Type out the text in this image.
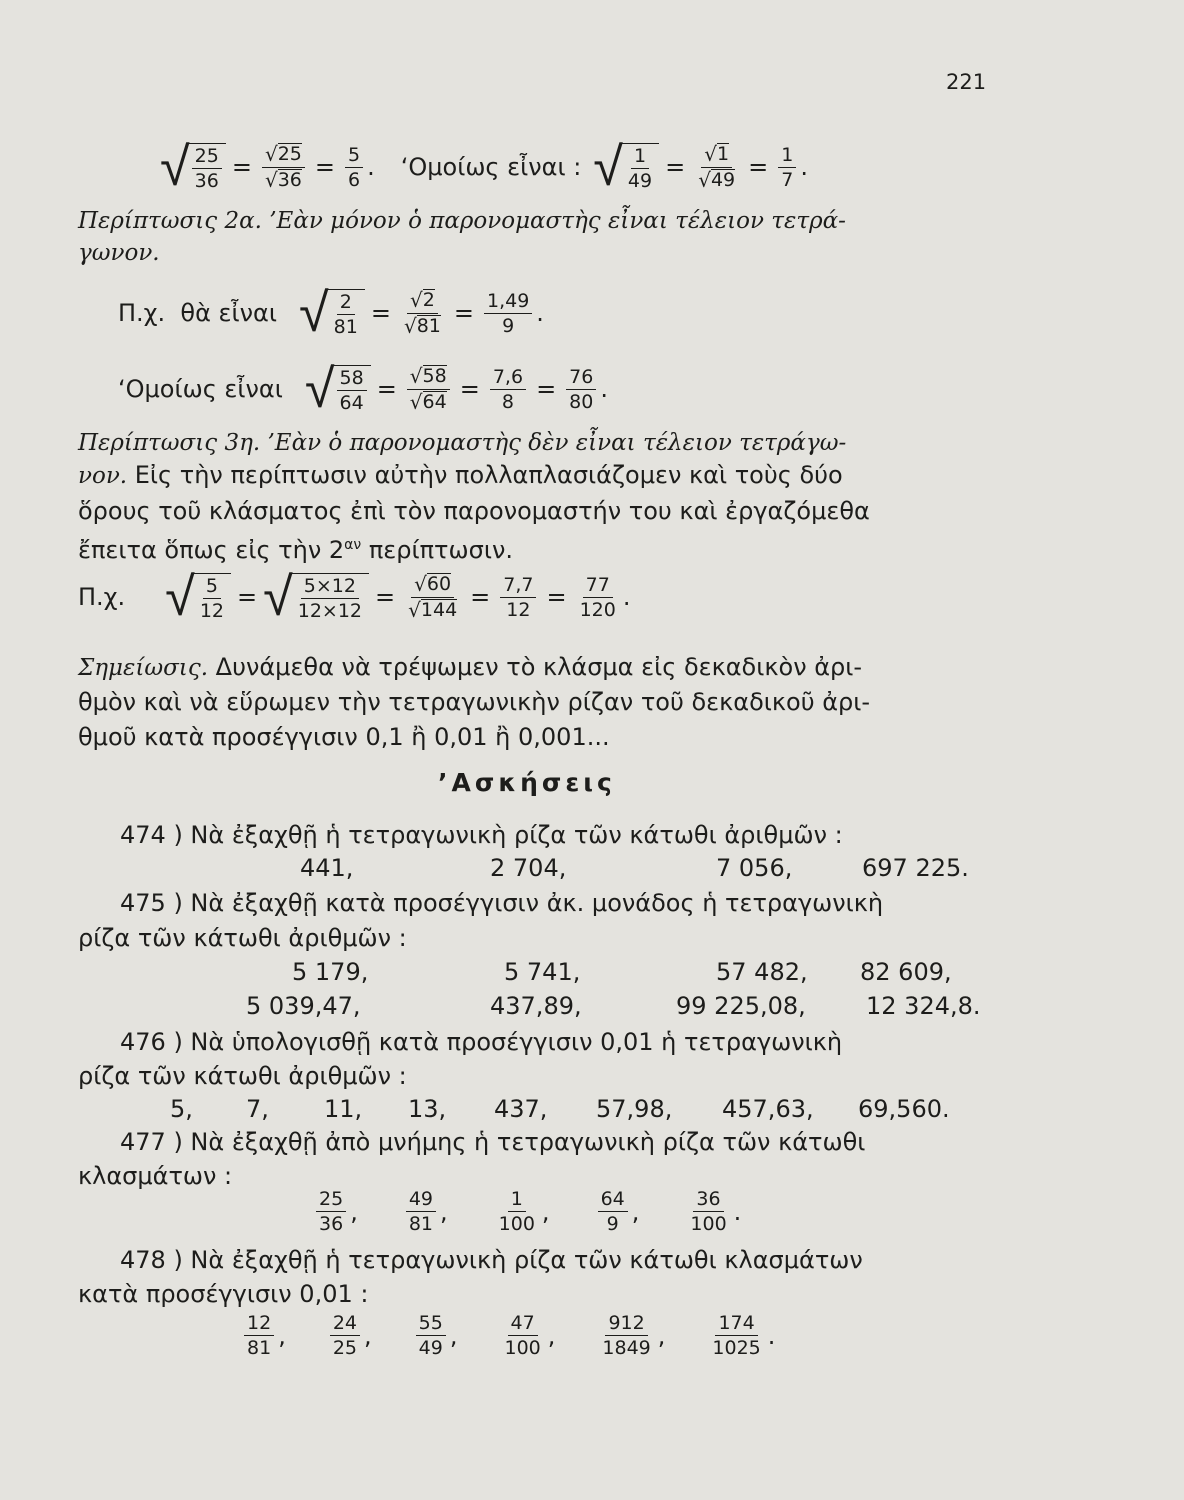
221
√ 25
$36 = \frac{√ 25}{√ 36} = \frac{5}{6}$ . ‘Ομοίως εἶναι : √ 1
$49 = \frac{√ 1}{√ 49} = \frac{1}{7}$ .
Περίπτωσις 2α. ’Εὰν μόνον ὁ παρονομαστὴς εἶναι τέλειον τετρά-
γωνον.
Π.χ.  θὰ εἶναι √ 2
$81 = \frac{√ 2}{√ 81} = \frac{1,49}{9}$ .
‘Ομοίως εἶναι √ 58
$64 = \frac{√ 58}{√ 64} = \frac{7,6}{8} = \frac{76}{80}$ .
Περίπτωσις 3η. ’Εὰν ὁ παρονομαστὴς δὲν εἶναι τέλειον τετράγω-
νον. Εἰς τὴν περίπτωσιν αὐτὴν πολλαπλασιάζομεν καὶ τοὺς δύο
ὅρους τοῦ κλάσματος ἐπὶ τὸν παρονομαστήν του καὶ ἐργαζόμεθα
ἔπειτα ὅπως εἰς τὴν $2^{\alpha\nu}$ περίπτωσιν.
Π.χ. √ 5
12 = √ 5×12
$12\times 12 = \frac{√ 60}{√ 144} = \frac{7,7}{12} = \frac{77}{120}$ .
Σημείωσις. Δυνάμεθα νὰ τρέψωμεν τὸ κλάσμα εἰς δεκαδικὸν ἀρι-
θμὸν καὶ νὰ εὕρωμεν τὴν τετραγωνικὴν ρίζαν τοῦ δεκαδικοῦ ἀρι-
θμοῦ κατὰ προσέγγισιν 0,1 ἢ 0,01 ἢ 0,001...
’Ασκήσεις
474 ) Νὰ ἐξαχθῇ ἡ τετραγωνικὴ ρίζα τῶν κάτωθι ἀριθμῶν :
441,	2 704,	7 056,	697 225.
475 ) Νὰ ἐξαχθῇ κατὰ προσέγγισιν ἀκ. μονάδος ἡ τετραγωνικὴ
ρίζα τῶν κάτωθι ἀριθμῶν :
5 179,	5 741,	57 482, 82 609,
5 039,47,	437,89,	99 225,08,	12 324,8.
476 ) Νὰ ὑπολογισθῇ κατὰ προσέγγισιν 0,01 ἡ τετραγωνικὴ
ρίζα τῶν κάτωθι ἀριθμῶν :
5, 7, 11, 13, 437, 57,98, 457,63, 69,560.
477 ) Νὰ ἐξαχθῇ ἀπὸ μνήμης ἡ τετραγωνικὴ ρίζα τῶν κάτωθι
κλασμάτων :
25
36 ,	49
81 ,	1
100 ,	64
9 ,	36
100 .
478 ) Νὰ ἐξαχθῇ ἡ τετραγωνικὴ ρίζα τῶν κάτωθι κλασμάτων
κατὰ προσέγγισιν 0,01 :
12
81 , 24
25 , 55
49 ,	47
100 ,	912
1849 ,	174
1025 .
